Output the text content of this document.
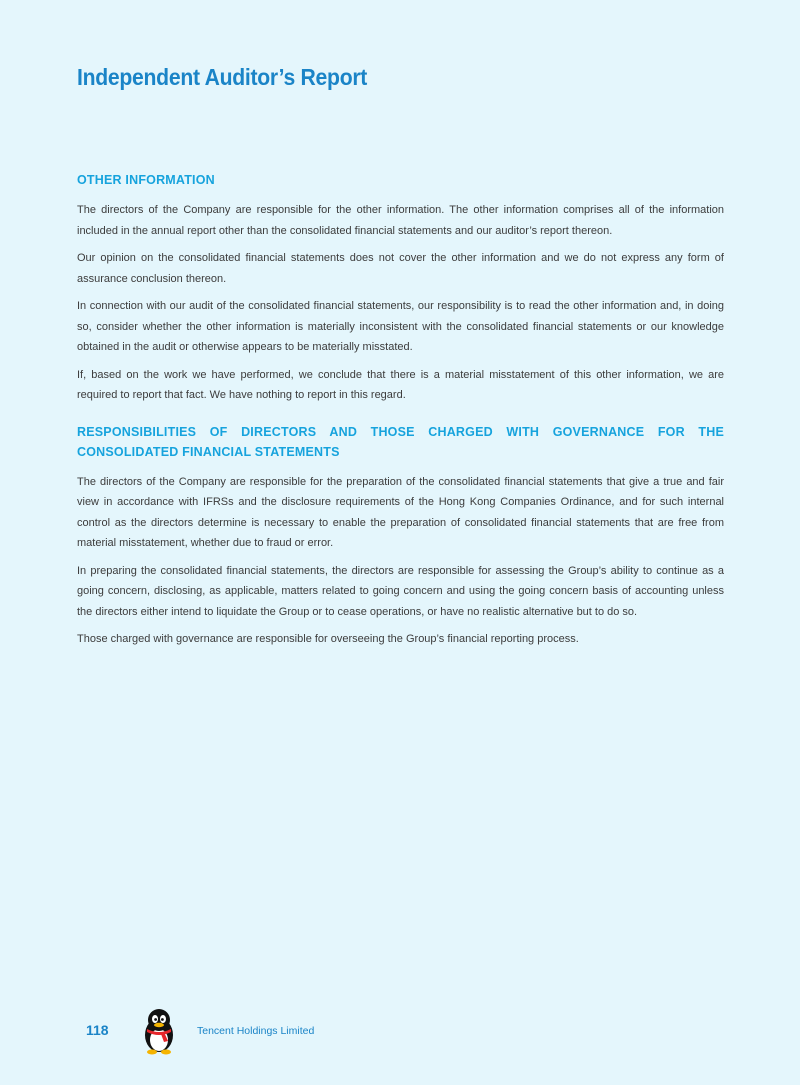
Independent Auditor’s Report
OTHER INFORMATION

The directors of the Company are responsible for the other information. The other information comprises all of the information included in the annual report other than the consolidated financial statements and our auditor’s report thereon.

Our opinion on the consolidated financial statements does not cover the other information and we do not express any form of assurance conclusion thereon.

In connection with our audit of the consolidated financial statements, our responsibility is to read the other information and, in doing so, consider whether the other information is materially inconsistent with the consolidated financial statements or our knowledge obtained in the audit or otherwise appears to be materially misstated.

If, based on the work we have performed, we conclude that there is a material misstatement of this other information, we are required to report that fact. We have nothing to report in this regard.

RESPONSIBILITIES OF DIRECTORS AND THOSE CHARGED WITH GOVERNANCE FOR THE CONSOLIDATED FINANCIAL STATEMENTS

The directors of the Company are responsible for the preparation of the consolidated financial statements that give a true and fair view in accordance with IFRSs and the disclosure requirements of the Hong Kong Companies Ordinance, and for such internal control as the directors determine is necessary to enable the preparation of consolidated financial statements that are free from material misstatement, whether due to fraud or error.

In preparing the consolidated financial statements, the directors are responsible for assessing the Group’s ability to continue as a going concern, disclosing, as applicable, matters related to going concern and using the going concern basis of accounting unless the directors either intend to liquidate the Group or to cease operations, or have no realistic alternative but to do so.

Those charged with governance are responsible for overseeing the Group’s financial reporting process.

118	Tencent Holdings Limited
